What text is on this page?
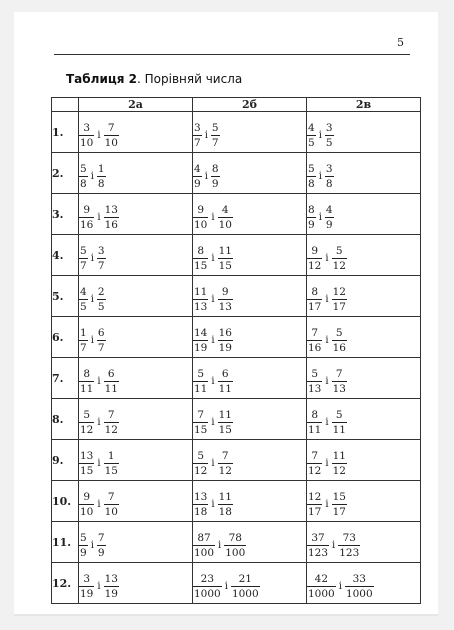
5
Таблиця 2. Порівняй числа
	2а	2б	2в
1.	$\frac{3}{10}$ і $\frac{7}{10}$	$\frac{3}{7}$ і $\frac{5}{7}$	$\frac{4}{5}$ і $\frac{3}{5}$

2.	$\frac{5}{8}$ і $\frac{1}{8}$	$\frac{4}{9}$ і $\frac{8}{9}$	$\frac{5}{8}$ і $\frac{3}{8}$

3.	$\frac{9}{16}$ і $\frac{13}{16}$	$\frac{9}{10}$ і $\frac{4}{10}$	$\frac{8}{9}$ і $\frac{4}{9}$

4.	$\frac{5}{7}$ і $\frac{3}{7}$	$\frac{8}{15}$ і $\frac{11}{15}$	$\frac{9}{12}$ і $\frac{5}{12}$

5.	$\frac{4}{5}$ і $\frac{2}{5}$	$\frac{11}{13}$ і $\frac{9}{13}$	$\frac{8}{17}$ і $\frac{12}{17}$

6.	$\frac{1}{7}$ і $\frac{6}{7}$	$\frac{14}{19}$ і $\frac{16}{19}$	$\frac{7}{16}$ і $\frac{5}{16}$

7.	$\frac{8}{11}$ і $\frac{6}{11}$	$\frac{5}{11}$ і $\frac{6}{11}$	$\frac{5}{13}$ і $\frac{7}{13}$

8.	$\frac{5}{12}$ і $\frac{7}{12}$	$\frac{7}{15}$ і $\frac{11}{15}$	$\frac{8}{11}$ і $\frac{5}{11}$

9.	$\frac{13}{15}$ і $\frac{1}{15}$	$\frac{5}{12}$ і $\frac{7}{12}$	$\frac{7}{12}$ і $\frac{11}{12}$

10.	$\frac{9}{10}$ і $\frac{7}{10}$	$\frac{13}{18}$ і $\frac{11}{18}$	$\frac{12}{17}$ і $\frac{15}{17}$

11.	$\frac{5}{9}$ і $\frac{7}{9}$	$\frac{87}{100}$ і $\frac{78}{100}$	$\frac{37}{123}$ і $\frac{73}{123}$

12.	$\frac{3}{19}$ і $\frac{13}{19}$	$\frac{23}{1000}$ і $\frac{21}{1000}$	$\frac{42}{1000}$ і $\frac{33}{1000}$
